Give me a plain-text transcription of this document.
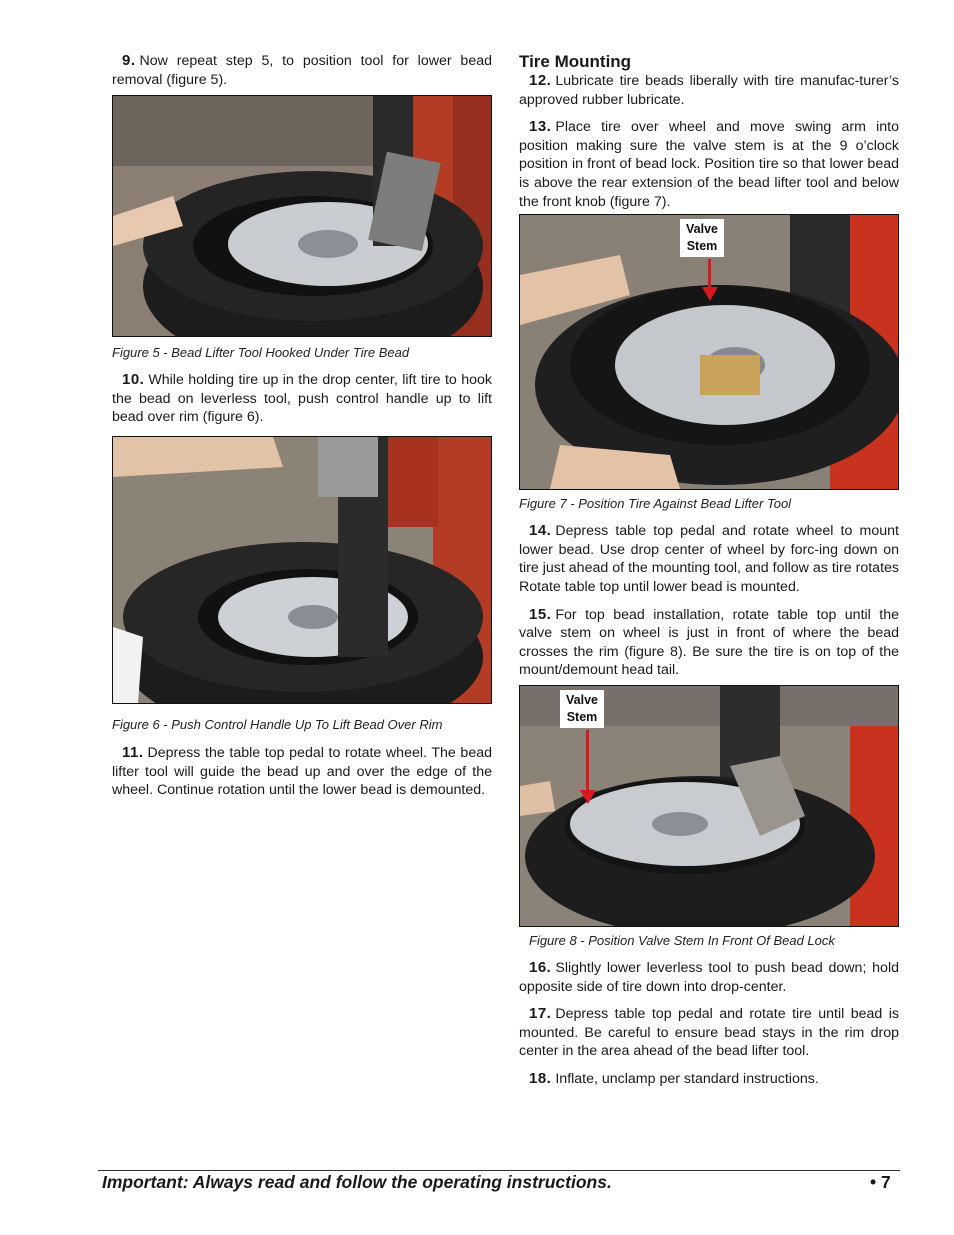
9. Now repeat step 5, to position tool for lower bead removal (figure 5).

Figure 5 - Bead Lifter Tool Hooked Under Tire Bead

10. While holding tire up in the drop center, lift tire to hook the bead on leverless tool, push control handle up to lift bead over rim (figure 6).

Figure 6 - Push Control Handle Up To Lift Bead Over Rim

11. Depress the table top pedal to rotate wheel. The bead lifter tool will guide the bead up and over the edge of the wheel. Continue rotation until the lower bead is demounted.

Tire Mounting

12. Lubricate tire beads liberally with tire manufac-turer’s approved rubber lubricate.

13. Place tire over wheel and move swing arm into position making sure the valve stem is at the 9 o’clock position in front of bead lock. Position tire so that lower bead is above the rear extension of the bead lifter tool and below the front knob (figure 7).

Valve
Stem
Figure 7 - Position Tire Against Bead Lifter Tool

14. Depress table top pedal and rotate wheel to mount lower bead. Use drop center of wheel by forc-ing down on tire just ahead of the mounting tool, and follow as tire rotates Rotate table top until lower bead is mounted.

15. For top bead installation, rotate table top until the valve stem on wheel is just in front of where the bead crosses the rim (figure 8). Be sure the tire is on top of the mount/demount head tail.

Valve
Stem
Figure 8 - Position Valve Stem In Front Of Bead Lock

16. Slightly lower leverless tool to push bead down; hold opposite side of tire down into drop-center.

17. Depress table top pedal and rotate tire until bead is mounted. Be careful to ensure bead stays in the rim drop center in the area ahead of the bead lifter tool.

18. Inflate, unclamp per standard instructions.

Important: Always read and follow the operating instructions.	• 7
